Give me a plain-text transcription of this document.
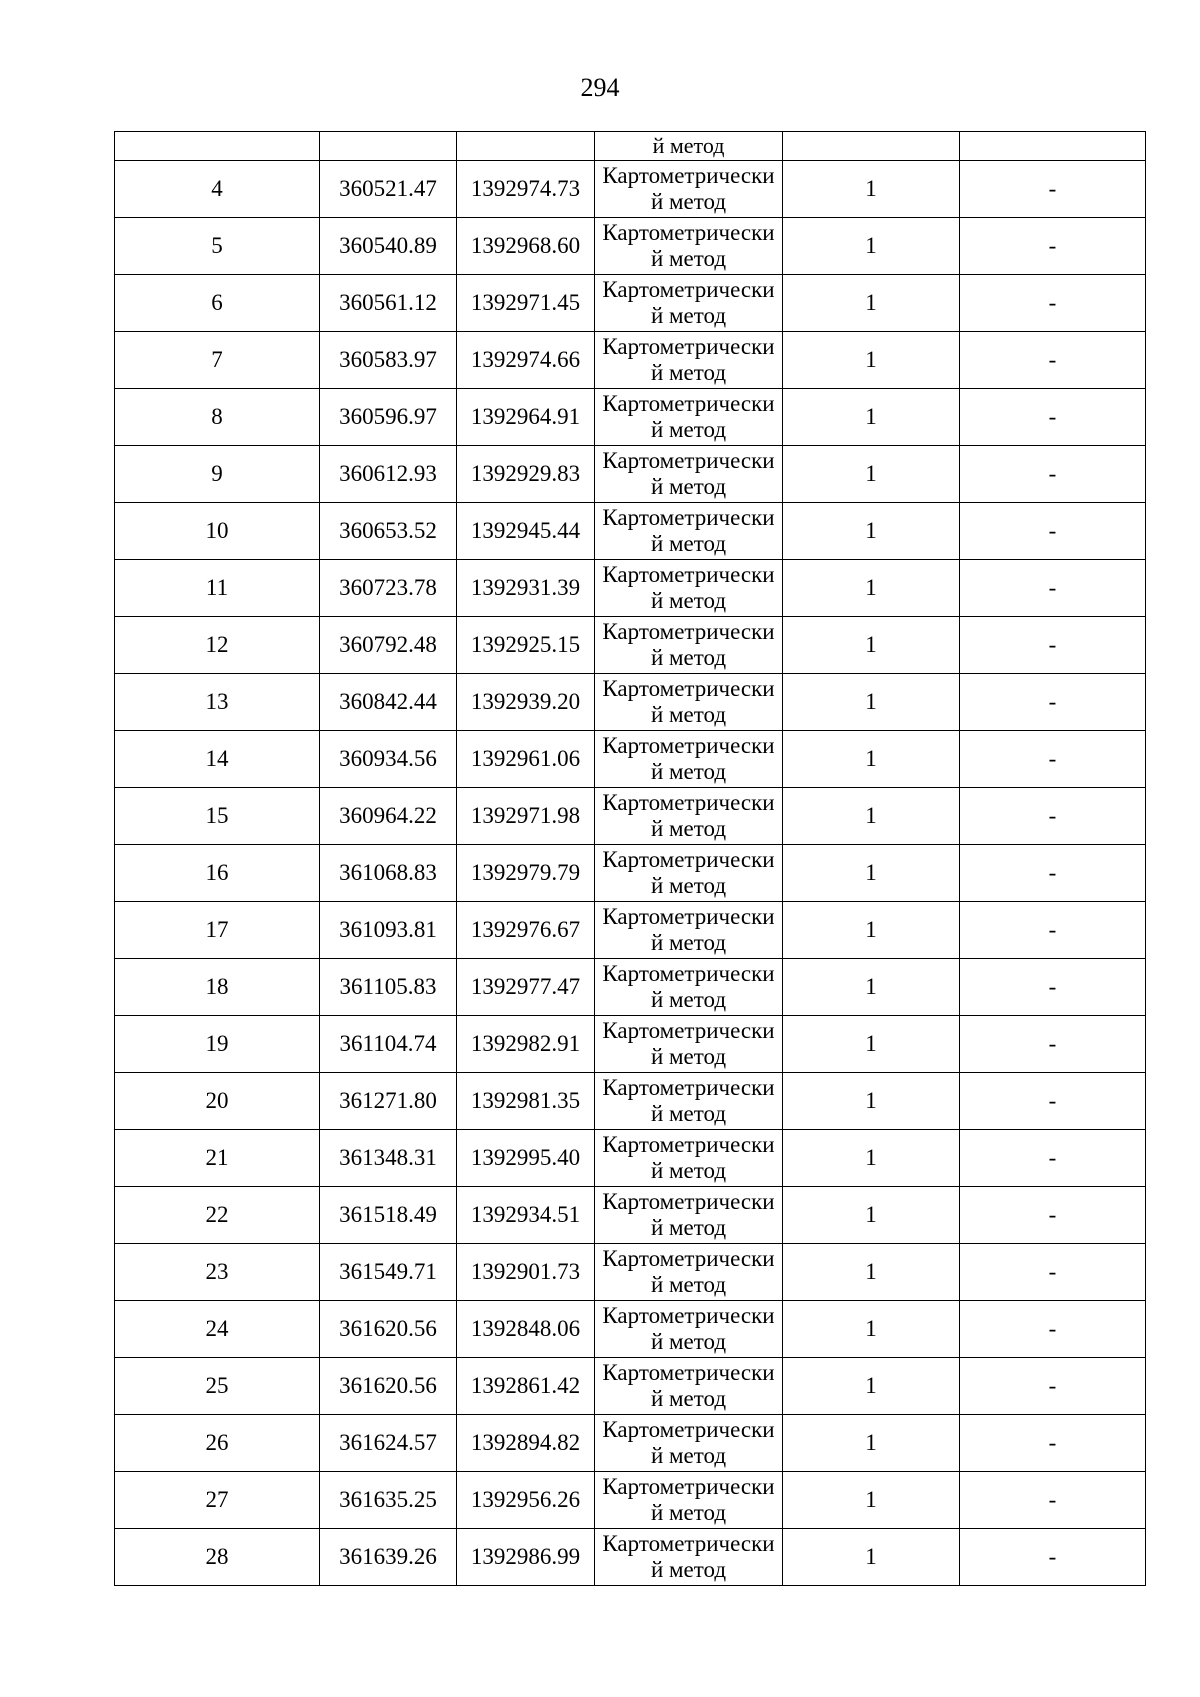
294
			й метод		
4	360521.47	1392974.73	Картометрически
й метод	1	-
5	360540.89	1392968.60	Картометрически
й метод	1	-
6	360561.12	1392971.45	Картометрически
й метод	1	-
7	360583.97	1392974.66	Картометрически
й метод	1	-
8	360596.97	1392964.91	Картометрически
й метод	1	-
9	360612.93	1392929.83	Картометрически
й метод	1	-
10	360653.52	1392945.44	Картометрически
й метод	1	-
11	360723.78	1392931.39	Картометрически
й метод	1	-
12	360792.48	1392925.15	Картометрически
й метод	1	-
13	360842.44	1392939.20	Картометрически
й метод	1	-
14	360934.56	1392961.06	Картометрически
й метод	1	-
15	360964.22	1392971.98	Картометрически
й метод	1	-
16	361068.83	1392979.79	Картометрически
й метод	1	-
17	361093.81	1392976.67	Картометрически
й метод	1	-
18	361105.83	1392977.47	Картометрически
й метод	1	-
19	361104.74	1392982.91	Картометрически
й метод	1	-
20	361271.80	1392981.35	Картометрически
й метод	1	-
21	361348.31	1392995.40	Картометрически
й метод	1	-
22	361518.49	1392934.51	Картометрически
й метод	1	-
23	361549.71	1392901.73	Картометрически
й метод	1	-
24	361620.56	1392848.06	Картометрически
й метод	1	-
25	361620.56	1392861.42	Картометрически
й метод	1	-
26	361624.57	1392894.82	Картометрически
й метод	1	-
27	361635.25	1392956.26	Картометрически
й метод	1	-
28	361639.26	1392986.99	Картометрически
й метод	1	-
